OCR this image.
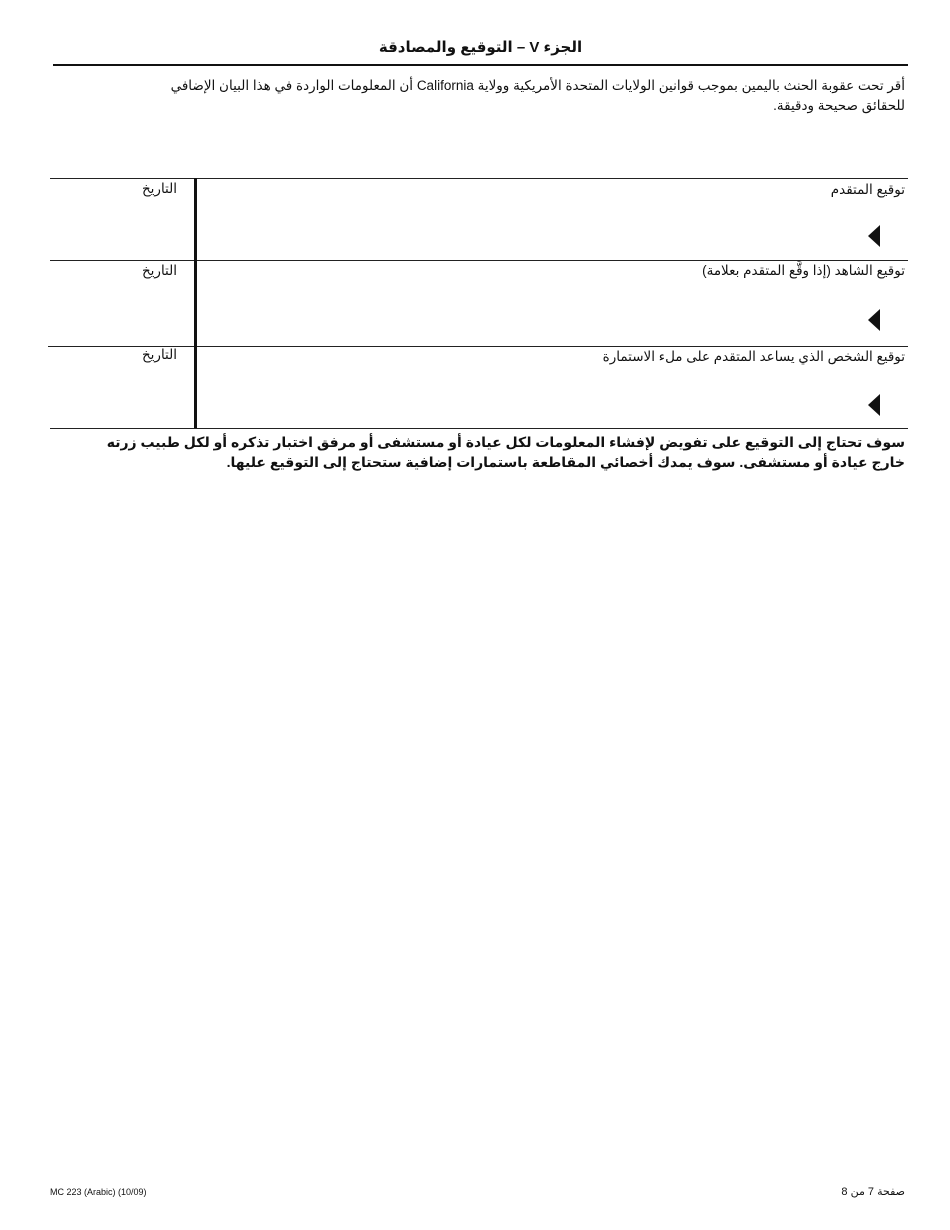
الجزء V – التوقيع والمصادقة
أقر تحت عقوبة الحنث باليمين بموجب قوانين الولايات المتحدة الأمريكية وولاية California أن المعلومات الواردة في هذا البيان الإضافي للحقائق صحيحة ودقيقة.
توقيع المتقدم
التاريخ
توقيع الشاهد (إذا وقَّع المتقدم بعلامة)
التاريخ
توقيع الشخص الذي يساعد المتقدم على ملء الاستمارة
التاريخ
سوف تحتاج إلى التوقيع على تفويض لإفشاء المعلومات لكل عيادة أو مستشفى أو مرفق اختبار تذكره أو لكل طبيب زرته خارج عيادة أو مستشفى. سوف يمدك أخصائي المقاطعة باستمارات إضافية ستحتاج إلى التوقيع عليها.
MC 223 (Arabic) (10/09)	صفحة 7 من 8
